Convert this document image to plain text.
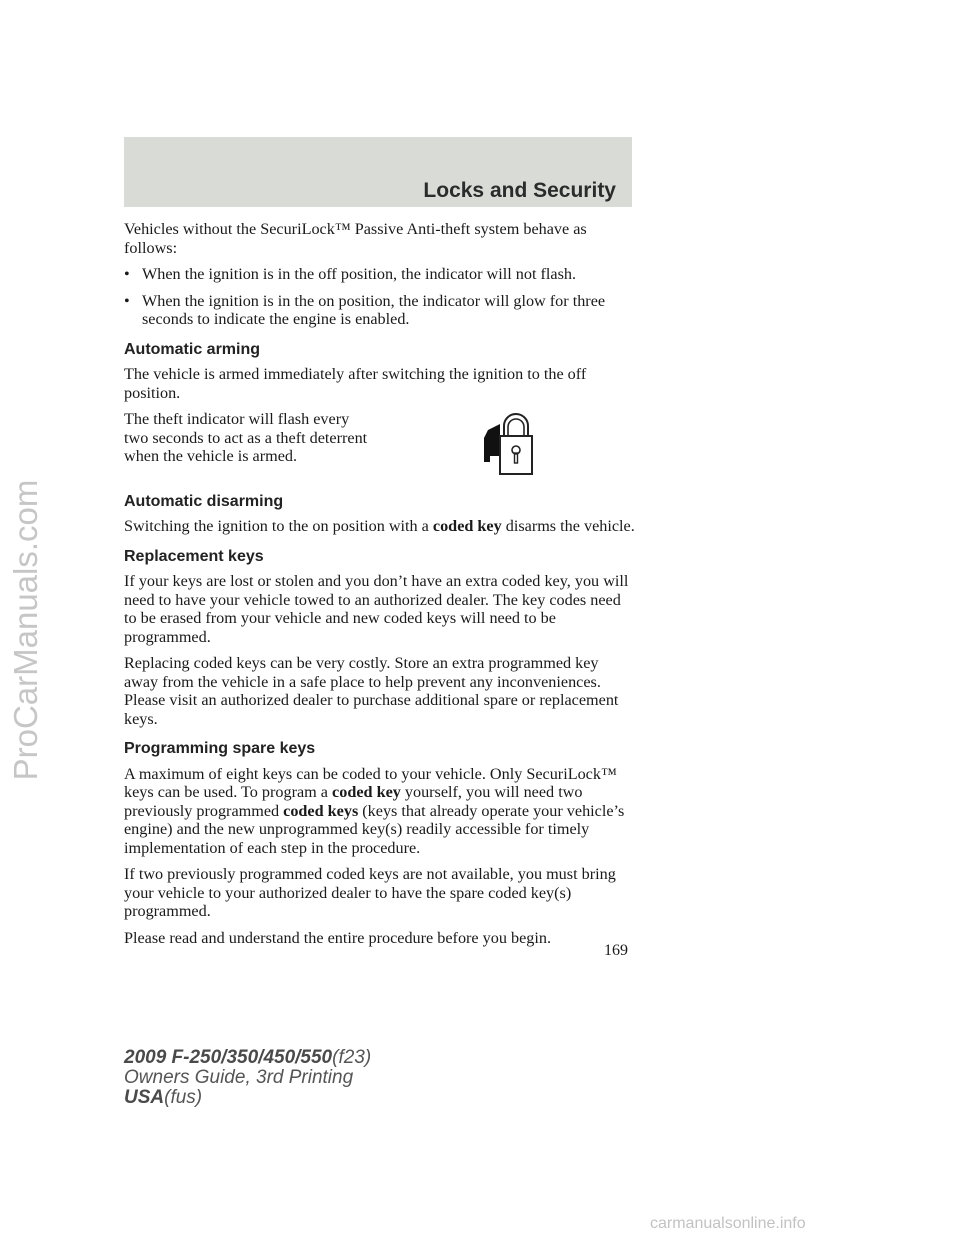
Locks and Security
ProCarManuals.com

Vehicles without the SecuriLock™ Passive Anti-theft system behave as follows:

• When the ignition is in the off position, the indicator will not flash.
• When the ignition is in the on position, the indicator will glow for three seconds to indicate the engine is enabled.
Automatic arming

The vehicle is armed immediately after switching the ignition to the off position.

The theft indicator will flash every two seconds to act as a theft deterrent when the vehicle is armed.

Automatic disarming

Switching the ignition to the on position with a coded key disarms the vehicle.

Replacement keys

If your keys are lost or stolen and you don’t have an extra coded key, you will need to have your vehicle towed to an authorized dealer. The key codes need to be erased from your vehicle and new coded keys will need to be programmed.

Replacing coded keys can be very costly. Store an extra programmed key away from the vehicle in a safe place to help prevent any inconveniences. Please visit an authorized dealer to purchase additional spare or replacement keys.

Programming spare keys

A maximum of eight keys can be coded to your vehicle. Only SecuriLock™ keys can be used. To program a coded key yourself, you will need two previously programmed coded keys (keys that already operate your vehicle’s engine) and the new unprogrammed key(s) readily accessible for timely implementation of each step in the procedure.

If two previously programmed coded keys are not available, you must bring your vehicle to your authorized dealer to have the spare coded key(s) programmed.

Please read and understand the entire procedure before you begin.

169
2009 F-250/350/450/550(f23)
Owners Guide, 3rd Printing
USA(fus)
carmanualsonline.info
